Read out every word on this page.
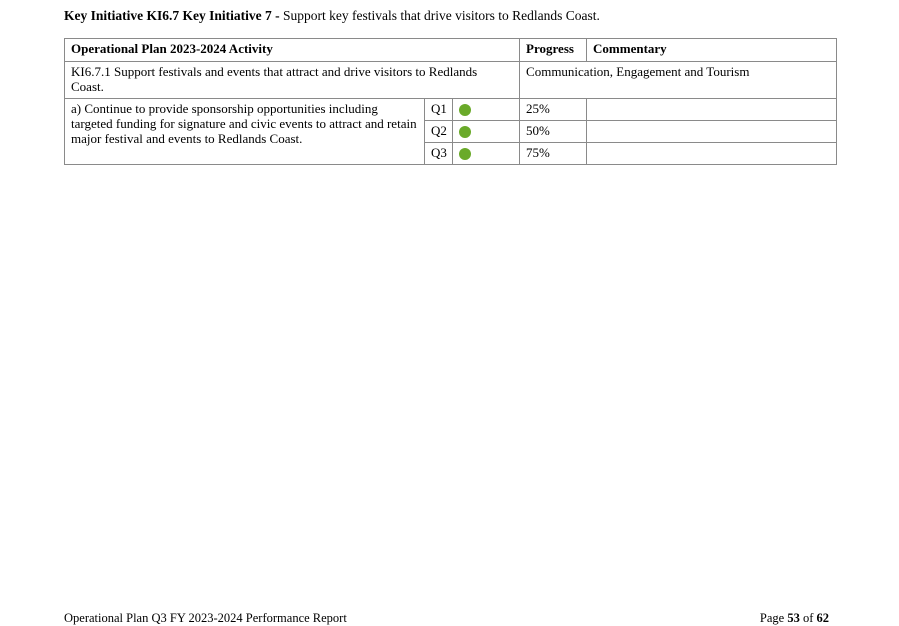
Key Initiative KI6.7 Key Initiative 7 - Support key festivals that drive visitors to Redlands Coast.
Operational Plan 2023-2024 Activity			Progress	Commentary
KI6.7.1 Support festivals and events that attract and drive visitors to Redlands Coast.			Communication, Engagement and Tourism	
a) Continue to provide sponsorship opportunities including targeted funding for signature and civic events to attract and retain major festival and events to Redlands Coast.	Q1		25%	
	Q2		50%	
	Q3		75%	
Operational Plan Q3 FY 2023-2024 Performance Report	Page 53 of 62
